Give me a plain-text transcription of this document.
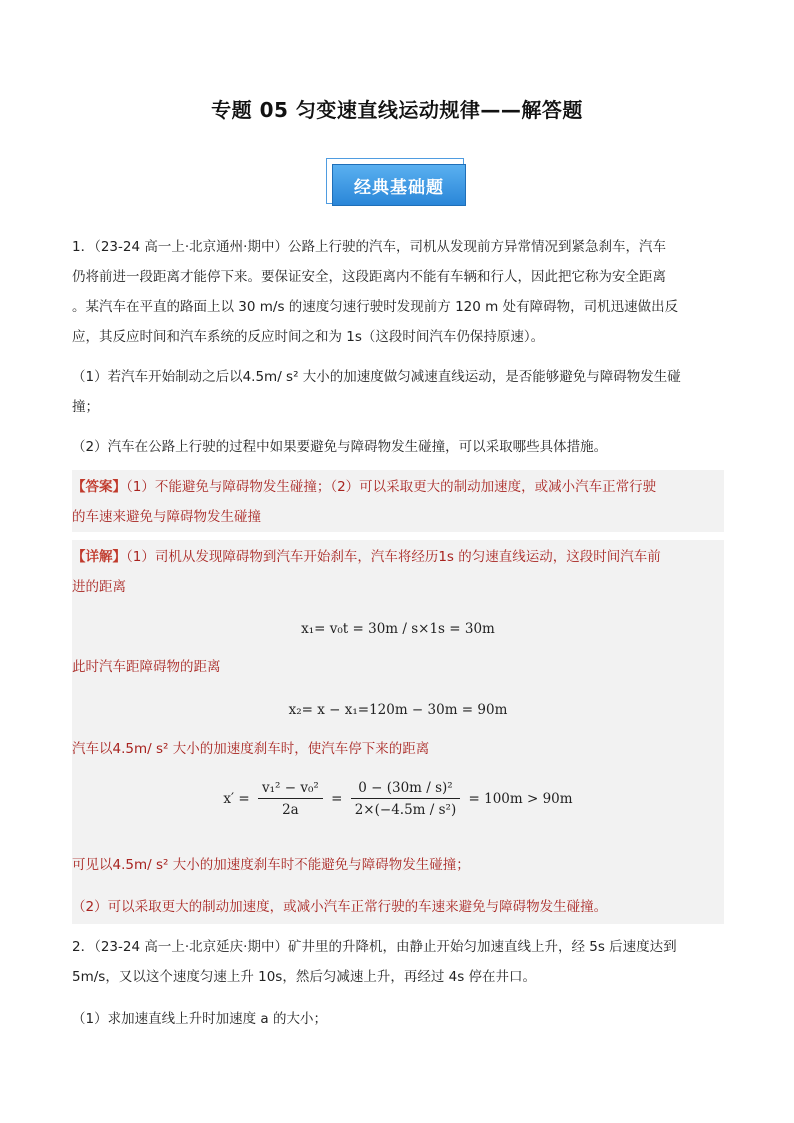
专题 05 匀变速直线运动规律——解答题
经典基础题
1．（23-24 高一上·北京通州·期中）公路上行驶的汽车，司机从发现前方异常情况到紧急刹车，汽车
仍将前进一段距离才能停下来。要保证安全，这段距离内不能有车辆和行人，因此把它称为安全距离
。某汽车在平直的路面上以 30 m/s 的速度匀速行驶时发现前方 120 m 处有障碍物，司机迅速做出反
应，其反应时间和汽车系统的反应时间之和为 1s（这段时间汽车仍保持原速）。
（1）若汽车开始制动之后以4.5m/ s² 大小的加速度做匀减速直线运动，是否能够避免与障碍物发生碰
撞；
（2）汽车在公路上行驶的过程中如果要避免与障碍物发生碰撞，可以采取哪些具体措施。
【答案】（1）不能避免与障碍物发生碰撞；（2）可以采取更大的制动加速度，或减小汽车正常行驶
的车速来避免与障碍物发生碰撞
【详解】（1）司机从发现障碍物到汽车开始刹车，汽车将经历1s 的匀速直线运动，这段时间汽车前
进的距离
x₁= v₀t = 30m / s×1s = 30m
此时汽车距障碍物的距离
x₂= x − x₁=120m − 30m = 90m
汽车以4.5m/ s² 大小的加速度刹车时，使汽车停下来的距离
$x' = \frac{\text{v₁² − v₀²}}{2a} = \frac{\text{0 − (30m / s)²}}{\text{2×(−4.5m / s²)}} = 100m > 90m$
可见以4.5m/ s² 大小的加速度刹车时不能避免与障碍物发生碰撞；
（2）可以采取更大的制动加速度，或减小汽车正常行驶的车速来避免与障碍物发生碰撞。
2．（23-24 高一上·北京延庆·期中）矿井里的升降机，由静止开始匀加速直线上升，经 5s 后速度达到
5m/s，又以这个速度匀速上升 10s，然后匀减速上升，再经过 4s 停在井口。
（1）求加速直线上升时加速度 a 的大小；
